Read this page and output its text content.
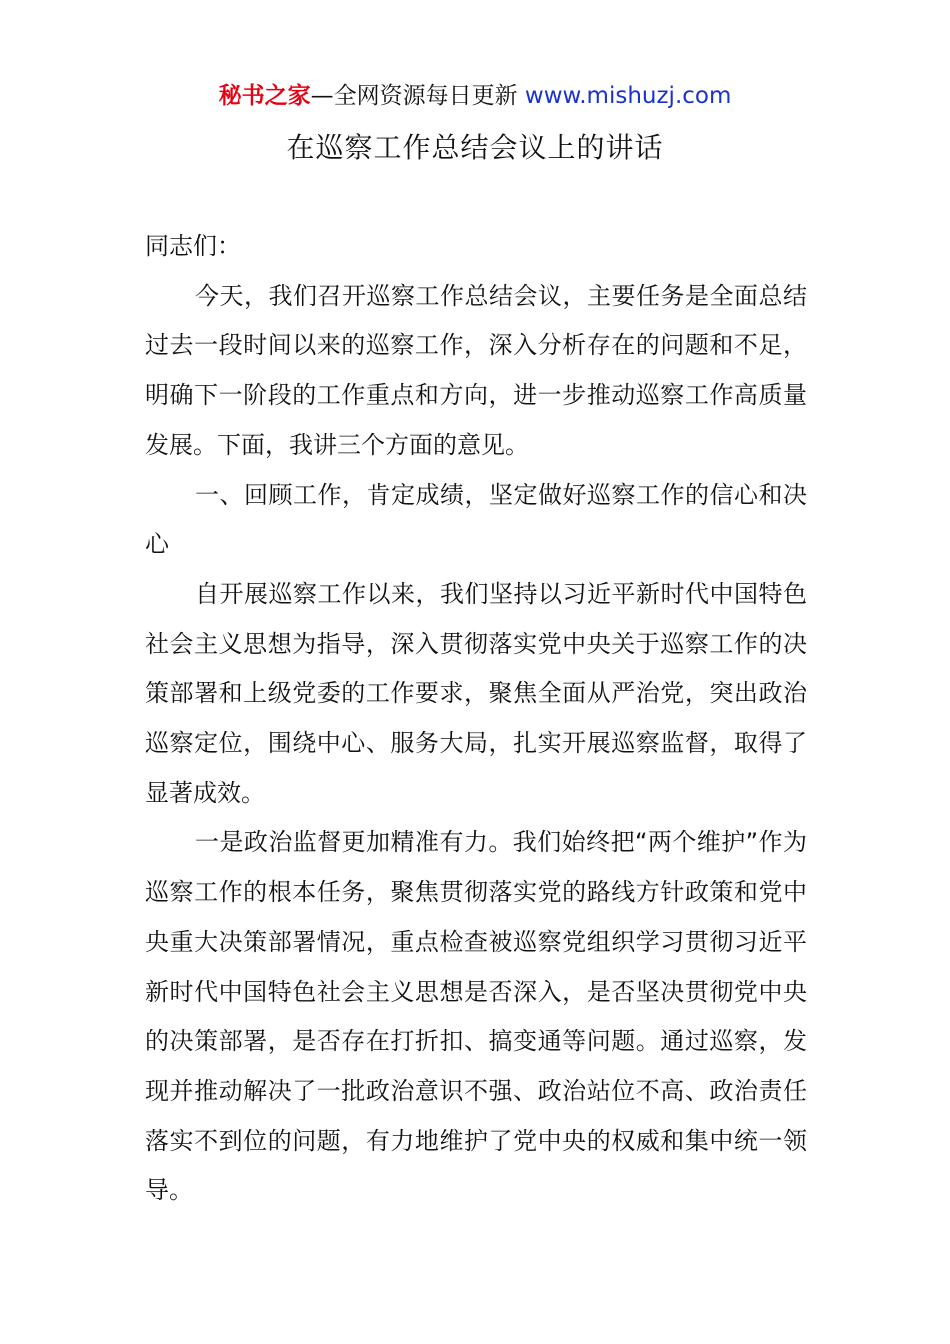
秘书之家—全网资源每日更新 www.mishuzj.com
在巡察工作总结会议上的讲话

同志们：

今天，我们召开巡察工作总结会议，主要任务是全面总结过去一段时间以来的巡察工作，深入分析存在的问题和不足，明确下一阶段的工作重点和方向，进一步推动巡察工作高质量发展。下面，我讲三个方面的意见。

一、回顾工作，肯定成绩，坚定做好巡察工作的信心和决心

自开展巡察工作以来，我们坚持以习近平新时代中国特色社会主义思想为指导，深入贯彻落实党中央关于巡察工作的决策部署和上级党委的工作要求，聚焦全面从严治党，突出政治巡察定位，围绕中心、服务大局，扎实开展巡察监督，取得了显著成效。

一是政治监督更加精准有力。我们始终把“两个维护”作为巡察工作的根本任务，聚焦贯彻落实党的路线方针政策和党中央重大决策部署情况，重点检查被巡察党组织学习贯彻习近平新时代中国特色社会主义思想是否深入，是否坚决贯彻党中央的决策部署，是否存在打折扣、搞变通等问题。通过巡察，发现并推动解决了一批政治意识不强、政治站位不高、政治责任落实不到位的问题，有力地维护了党中央的权威和集中统一领导。
